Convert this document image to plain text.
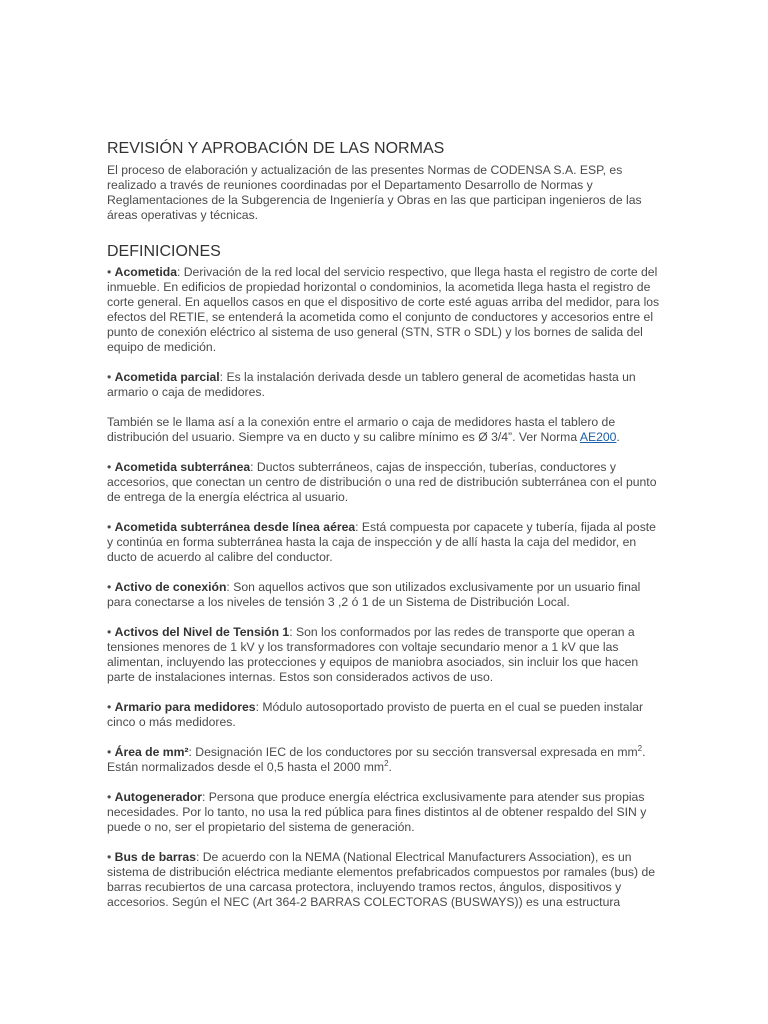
REVISIÓN Y APROBACIÓN DE LAS NORMAS

El proceso de elaboración y actualización de las presentes Normas de CODENSA S.A. ESP, es realizado a través de reuniones coordinadas por el Departamento Desarrollo de Normas y Reglamentaciones de la Subgerencia de Ingeniería y Obras en las que participan ingenieros de las áreas operativas y técnicas.

DEFINICIONES

• Acometida: Derivación de la red local del servicio respectivo, que llega hasta el registro de corte del inmueble. En edificios de propiedad horizontal o condominios, la acometida llega hasta el registro de corte general. En aquellos casos en que el dispositivo de corte esté aguas arriba del medidor, para los efectos del RETIE, se entenderá la acometida como el conjunto de conductores y accesorios entre el punto de conexión eléctrico al sistema de uso general (STN, STR o SDL) y los bornes de salida del equipo de medición.

• Acometida parcial: Es la instalación derivada desde un tablero general de acometidas hasta un armario o caja de medidores.

También se le llama así a la conexión entre el armario o caja de medidores hasta el tablero de distribución del usuario. Siempre va en ducto y su calibre mínimo es Ø 3/4”. Ver Norma AE200.

• Acometida subterránea: Ductos subterráneos, cajas de inspección, tuberías, conductores y accesorios, que conectan un centro de distribución o una red de distribución subterránea con el punto de entrega de la energía eléctrica al usuario.

• Acometida subterránea desde línea aérea: Está compuesta por capacete y tubería, fijada al poste y continúa en forma subterránea hasta la caja de inspección y de allí hasta la caja del medidor, en ducto de acuerdo al calibre del conductor.

• Activo de conexión: Son aquellos activos que son utilizados exclusivamente por un usuario final para conectarse a los niveles de tensión 3 ,2 ó 1 de un Sistema de Distribución Local.

• Activos del Nivel de Tensión 1: Son los conformados por las redes de transporte que operan a tensiones menores de 1 kV y los transformadores con voltaje secundario menor a 1 kV que las alimentan, incluyendo las protecciones y equipos de maniobra asociados, sin incluir los que hacen parte de instalaciones internas. Estos son considerados activos de uso.

• Armario para medidores: Módulo autosoportado provisto de puerta en el cual se pueden instalar cinco o más medidores.

• Área de mm²: Designación IEC de los conductores por su sección transversal expresada en $mm^2$. Están normalizados desde el 0,5 hasta el 2000 $mm^2$.

• Autogenerador: Persona que produce energía eléctrica exclusivamente para atender sus propias necesidades. Por lo tanto, no usa la red pública para fines distintos al de obtener respaldo del SIN y puede o no, ser el propietario del sistema de generación.

• Bus de barras: De acuerdo con la NEMA (National Electrical Manufacturers Association), es un sistema de distribución eléctrica mediante elementos prefabricados compuestos por ramales (bus) de barras recubiertos de una carcasa protectora, incluyendo tramos rectos, ángulos, dispositivos y accesorios. Según el NEC (Art 364-2 BARRAS COLECTORAS (BUSWAYS)) es una estructura
